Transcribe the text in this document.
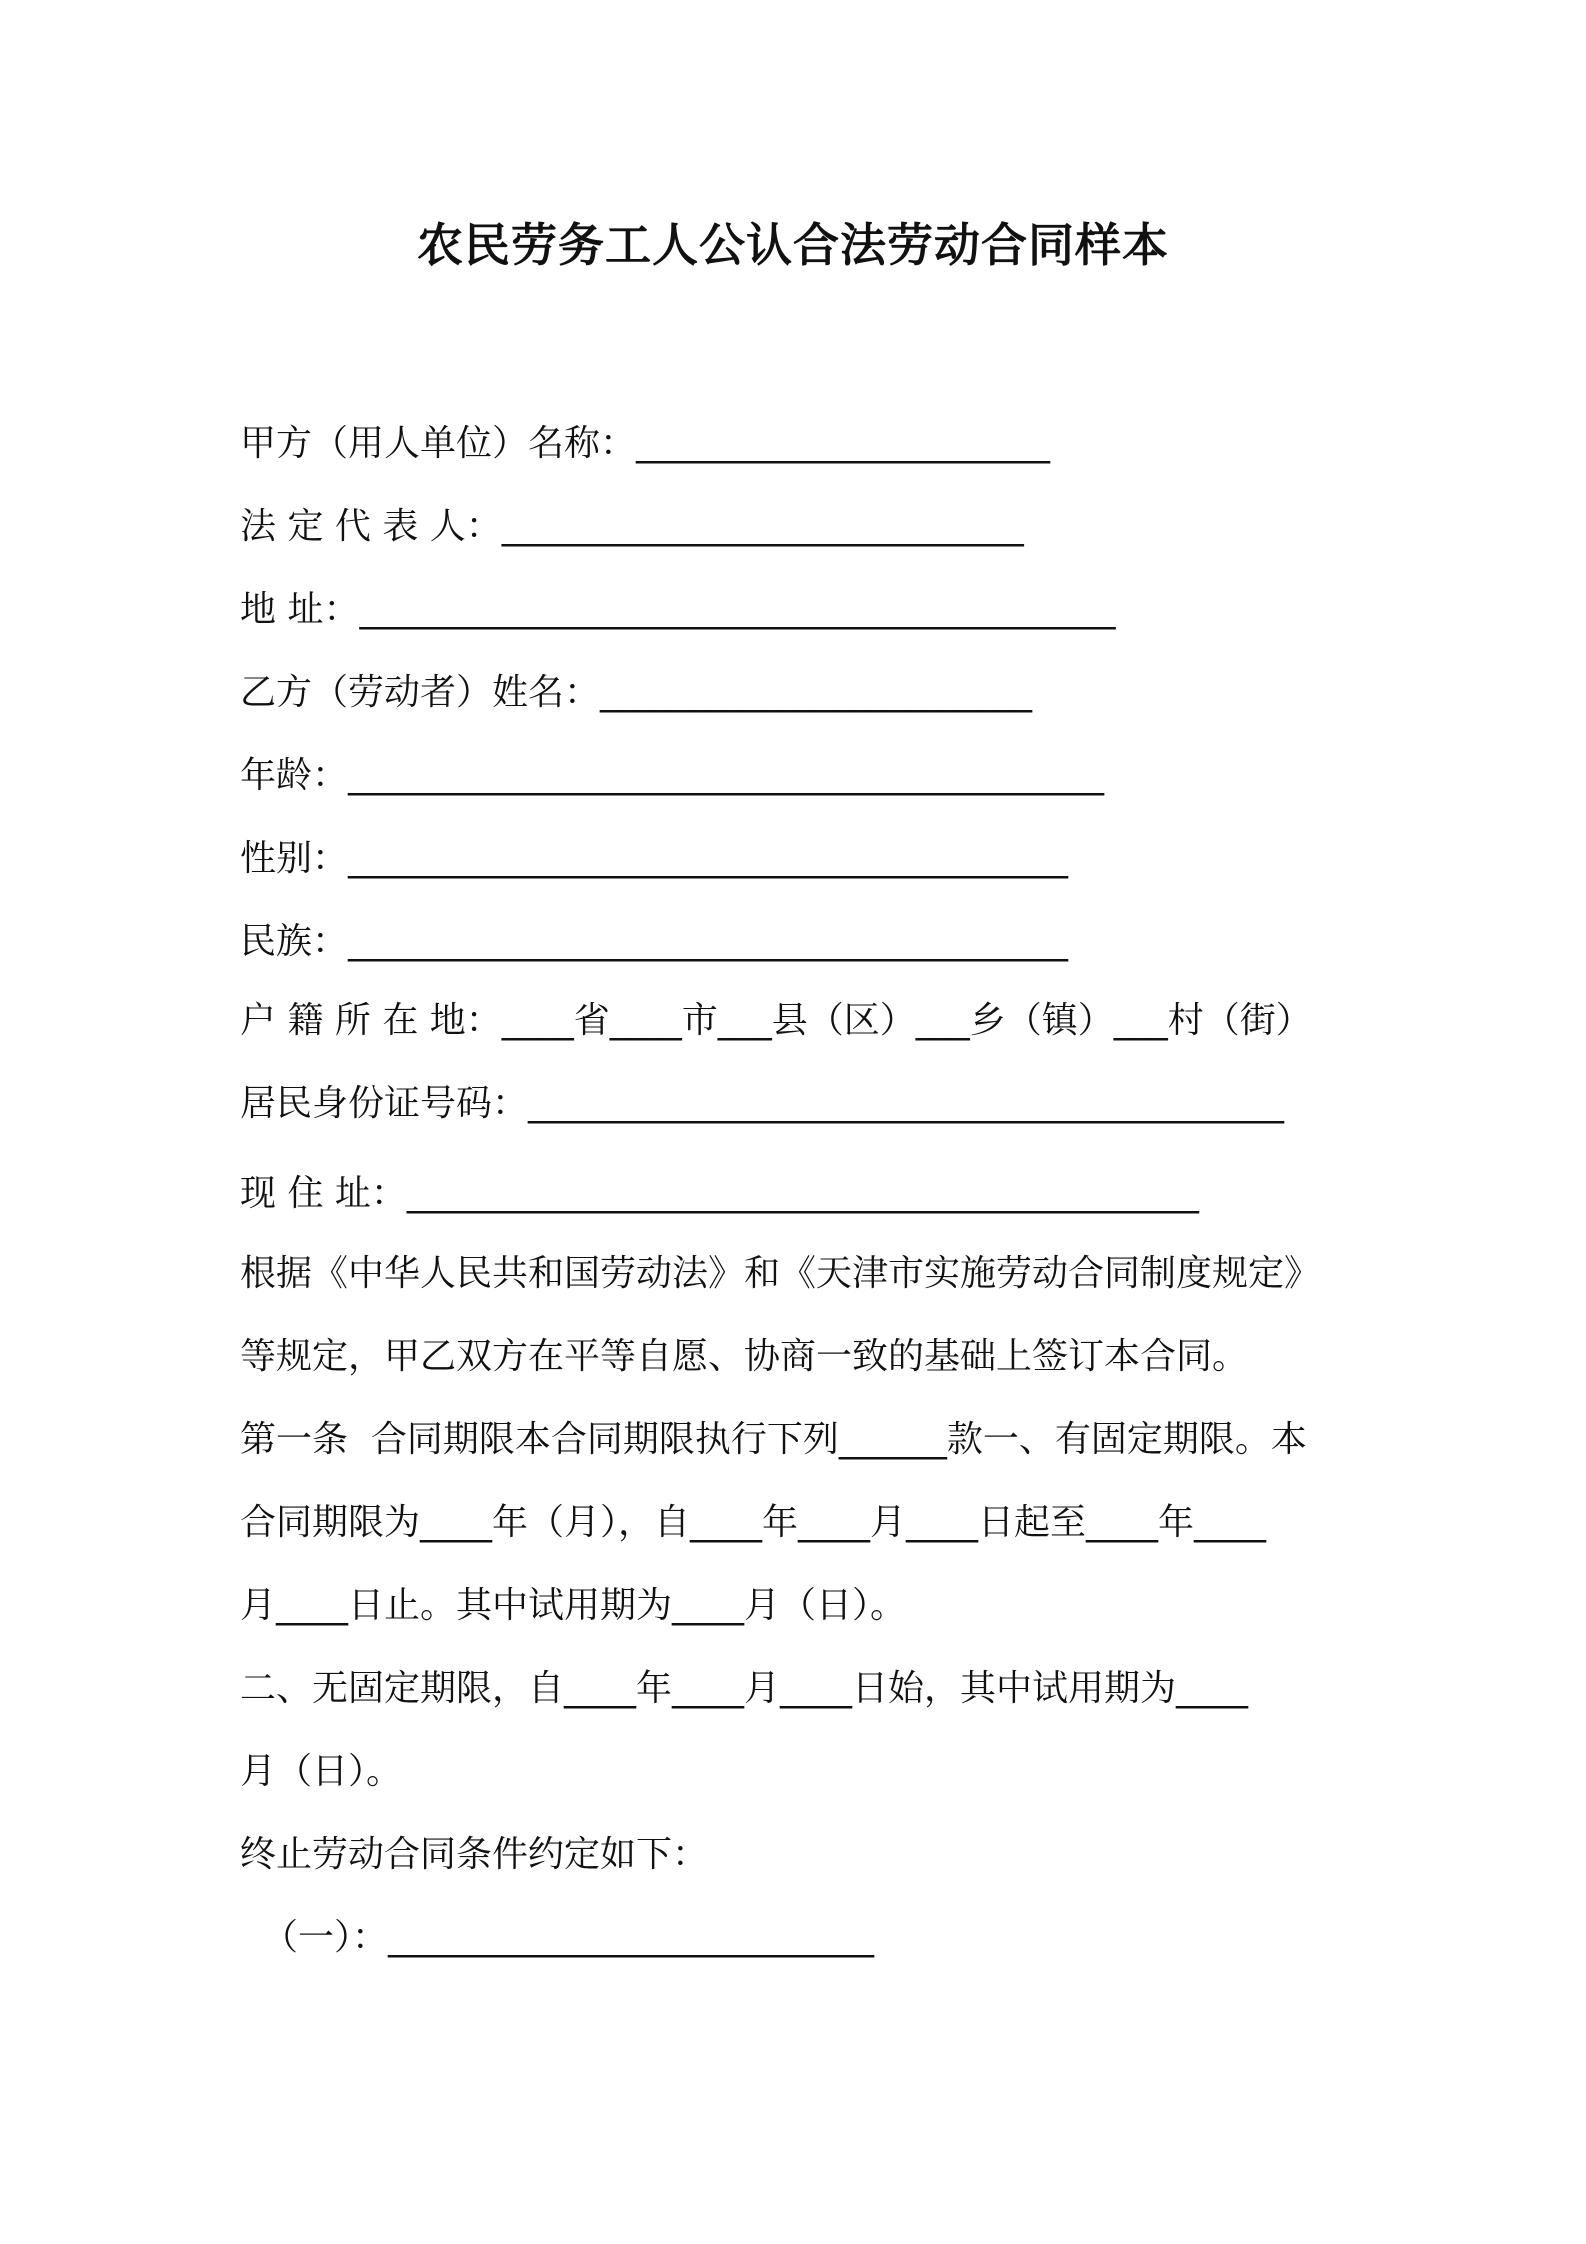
农民劳务工人公认合法劳动合同样本

甲方（用人单位）名称：_______________________

法 定 代 表 人：_____________________________

地 址：__________________________________________

乙方（劳动者）姓名：________________________

年龄：__________________________________________

性别：________________________________________

民族：________________________________________

户 籍 所 在 地：____省____市___县（区）___乡（镇）___村（街）

居民身份证号码：__________________________________________

现 住 址：____________________________________________

根据《中华人民共和国劳动法》和《天津市实施劳动合同制度规定》

等规定，甲乙双方在平等自愿、协商一致的基础上签订本合同。

第一条  合同期限本合同期限执行下列______款一、有固定期限。本

合同期限为____年（月），自____年____月____日起至____年____

月____日止。其中试用期为____月（日）。

二、无固定期限，自____年____月____日始，其中试用期为____

月（日）。

终止劳动合同条件约定如下：

（一）：___________________________
